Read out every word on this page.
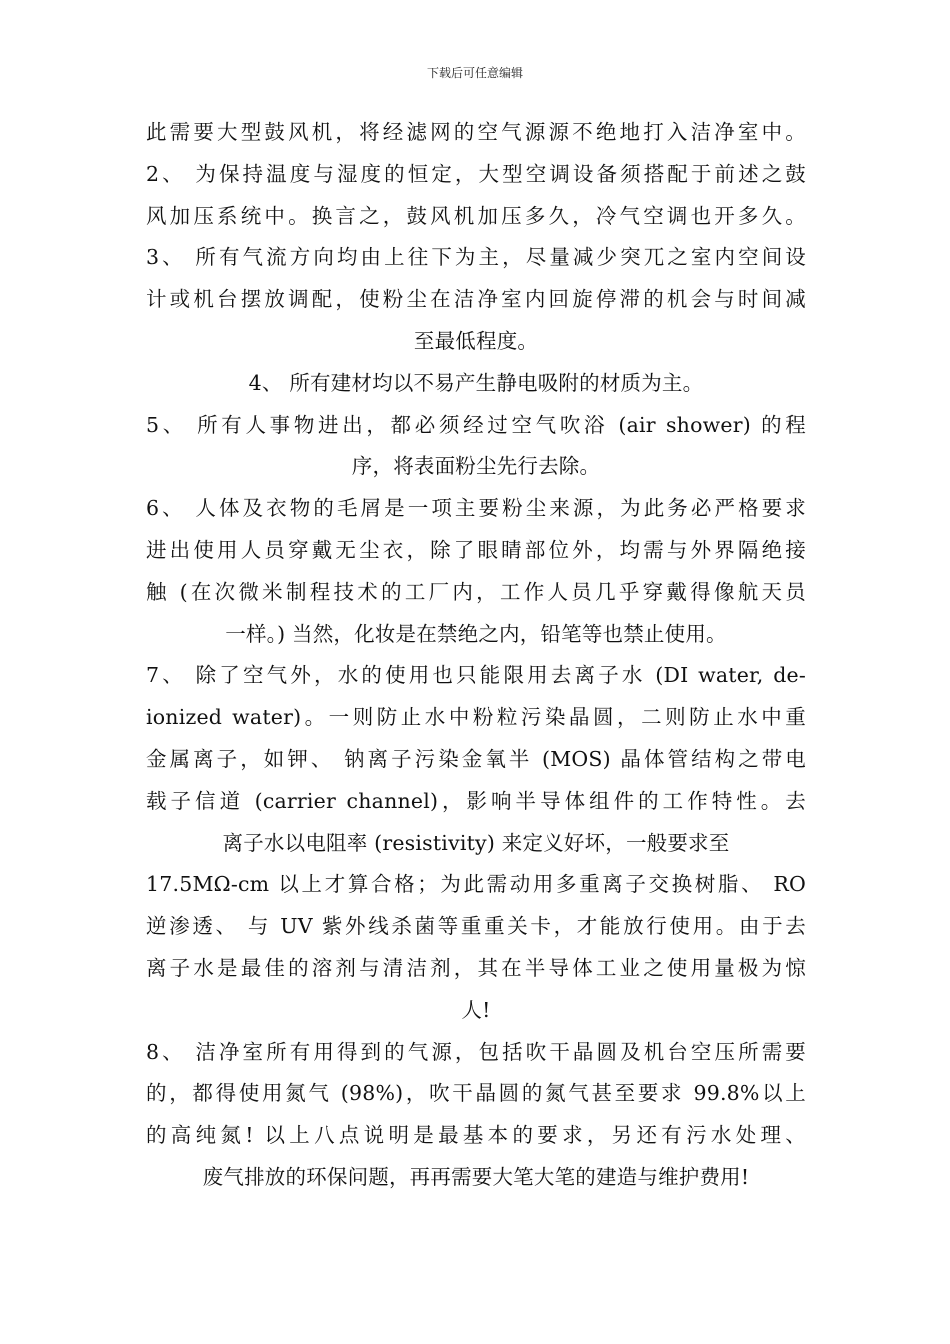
下载后可任意编辑
此需要大型鼓风机，将经滤网的空气源源不绝地打入洁净室中。
2、 为保持温度与湿度的恒定，大型空调设备须搭配于前述之鼓
风加压系统中。换言之，鼓风机加压多久，冷气空调也开多久。
3、 所有气流方向均由上往下为主，尽量减少突兀之室内空间设
计或机台摆放调配，使粉尘在洁净室内回旋停滞的机会与时间减
至最低程度。
4、 所有建材均以不易产生静电吸附的材质为主。
5、 所有人事物进出，都必须经过空气吹浴 (air shower) 的程
序，将表面粉尘先行去除。
6、 人体及衣物的毛屑是一项主要粉尘来源，为此务必严格要求
进出使用人员穿戴无尘衣，除了眼睛部位外，均需与外界隔绝接
触 (在次微米制程技术的工厂内，工作人员几乎穿戴得像航天员
一样。) 当然，化妆是在禁绝之内，铅笔等也禁止使用。
7、 除了空气外，水的使用也只能限用去离子水 (DI water, de-
ionized water)。一则防止水中粉粒污染晶圆，二则防止水中重
金属离子，如钾、 钠离子污染金氧半 (MOS) 晶体管结构之带电
载子信道 (carrier channel)，影响半导体组件的工作特性。去
离子水以电阻率 (resistivity) 来定义好坏，一般要求至
17.5MΩ-cm 以上才算合格；为此需动用多重离子交换树脂、 RO
逆渗透、 与 UV 紫外线杀菌等重重关卡，才能放行使用。由于去
离子水是最佳的溶剂与清洁剂，其在半导体工业之使用量极为惊
人!
8、 洁净室所有用得到的气源，包括吹干晶圆及机台空压所需要
的，都得使用氮气 (98%)，吹干晶圆的氮气甚至要求 99.8%以上
的高纯氮! 以上八点说明是最基本的要求，另还有污水处理、
废气排放的环保问题，再再需要大笔大笔的建造与维护费用!
